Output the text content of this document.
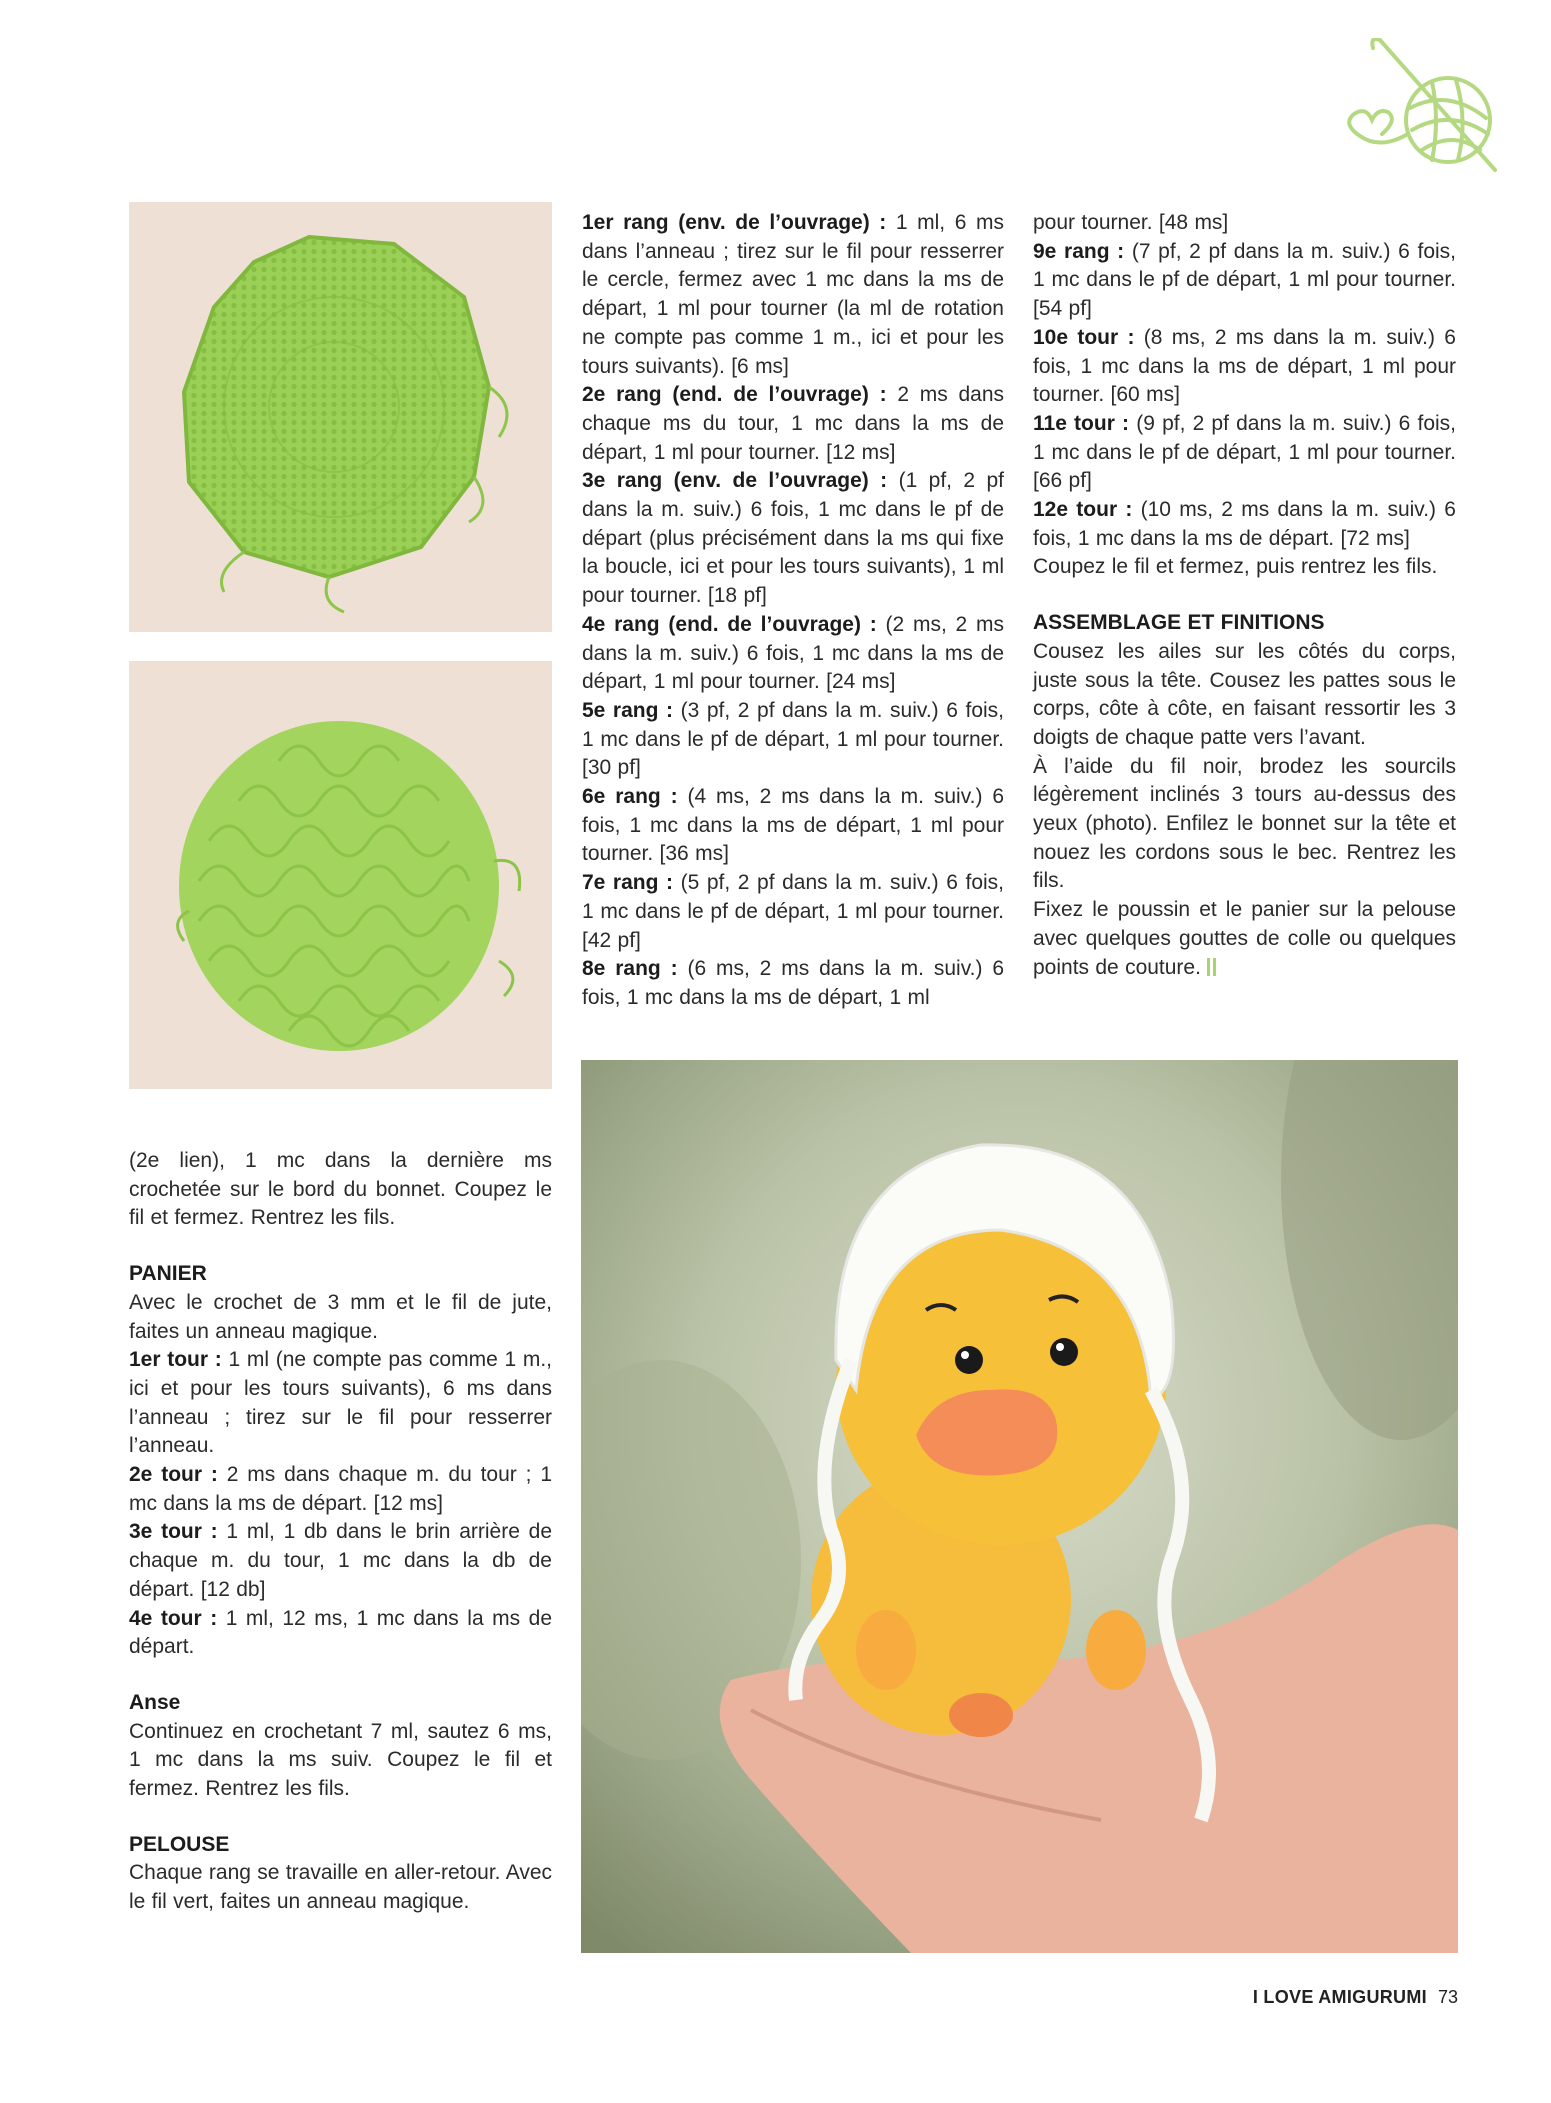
1er rang (env. de l’ouvrage) : 1 ml, 6 ms dans l’anneau ; tirez sur le fil pour resserrer le cercle, fermez avec 1 mc dans la ms de départ, 1 ml pour tourner (la ml de rotation ne compte pas comme 1 m., ici et pour les tours suivants). [6 ms]

2e rang (end. de l’ouvrage) : 2 ms dans chaque ms du tour, 1 mc dans la ms de départ, 1 ml pour tourner. [12 ms]

3e rang (env. de l’ouvrage) : (1 pf, 2 pf dans la m. suiv.) 6 fois, 1 mc dans le pf de départ (plus précisément dans la ms qui fixe la boucle, ici et pour les tours suivants), 1 ml pour tourner. [18 pf]

4e rang (end. de l’ouvrage) : (2 ms, 2 ms dans la m. suiv.) 6 fois, 1 mc dans la ms de départ, 1 ml pour tourner. [24 ms]

5e rang : (3 pf, 2 pf dans la m. suiv.) 6 fois, 1 mc dans le pf de départ, 1 ml pour tourner. [30 pf]

6e rang : (4 ms, 2 ms dans la m. suiv.) 6 fois, 1 mc dans la ms de départ, 1 ml pour tourner. [36 ms]

7e rang : (5 pf, 2 pf dans la m. suiv.) 6 fois, 1 mc dans le pf de départ, 1 ml pour tourner. [42 pf]

8e rang : (6 ms, 2 ms dans la m. suiv.) 6 fois, 1 mc dans la ms de départ, 1 ml

pour tourner. [48 ms]

9e rang : (7 pf, 2 pf dans la m. suiv.) 6 fois, 1 mc dans le pf de départ, 1 ml pour tourner. [54 pf]

10e tour : (8 ms, 2 ms dans la m. suiv.) 6 fois, 1 mc dans la ms de départ, 1 ml pour tourner. [60 ms]

11e tour : (9 pf, 2 pf dans la m. suiv.) 6 fois, 1 mc dans le pf de départ, 1 ml pour tourner. [66 pf]

12e tour : (10 ms, 2 ms dans la m. suiv.) 6 fois, 1 mc dans la ms de départ. [72 ms]

Coupez le fil et fermez, puis rentrez les fils.

ASSEMBLAGE ET FINITIONS

Cousez les ailes sur les côtés du corps, juste sous la tête. Cousez les pattes sous le corps, côte à côte, en faisant ressortir les 3 doigts de chaque patte vers l’avant.

À l’aide du fil noir, brodez les sourcils légèrement inclinés 3 tours au-dessus des yeux (photo). Enfilez le bonnet sur la tête et nouez les cordons sous le bec. Rentrez les fils.

Fixez le poussin et le panier sur la pelouse avec quelques gouttes de colle ou quelques points de couture.

(2e lien), 1 mc dans la dernière ms crochetée sur le bord du bonnet. Coupez le fil et fermez. Rentrez les fils.

PANIER

Avec le crochet de 3 mm et le fil de jute, faites un anneau magique.

1er tour : 1 ml (ne compte pas comme 1 m., ici et pour les tours suivants), 6 ms dans l’anneau ; tirez sur le fil pour resserrer l’anneau.

2e tour : 2 ms dans chaque m. du tour ; 1 mc dans la ms de départ. [12 ms]

3e tour : 1 ml, 1 db dans le brin arrière de chaque m. du tour, 1 mc dans la db de départ. [12 db]

4e tour : 1 ml, 12 ms, 1 mc dans la ms de départ.

Anse

Continuez en crochetant 7 ml, sautez 6 ms, 1 mc dans la ms suiv. Coupez le fil et fermez. Rentrez les fils.

PELOUSE

Chaque rang se travaille en aller-retour. Avec le fil vert, faites un anneau magique.

I LOVE AMIGURUMI 73
